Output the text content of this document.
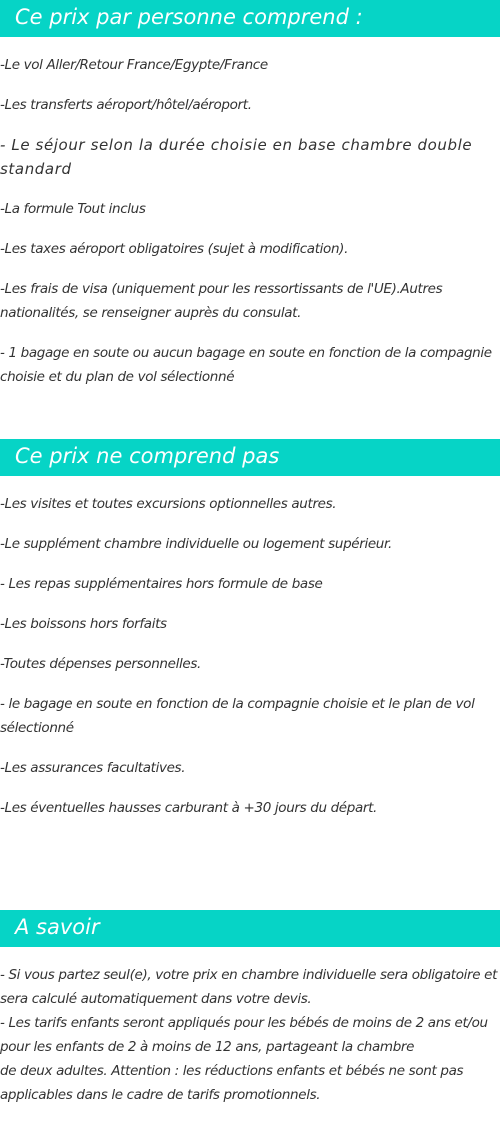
Ce prix par personne comprend :
-Le vol Aller/Retour France/Egypte/France
-Les transferts aéroport/hôtel/aéroport.
- Le séjour selon la durée choisie en base chambre double standard
-La formule Tout inclus
-Les taxes aéroport obligatoires (sujet à modification).
-Les frais de visa (uniquement pour les ressortissants de l'UE).Autres nationalités, se renseigner auprès du consulat.
- 1 bagage en soute ou aucun bagage en soute en fonction de la compagnie choisie et du plan de vol sélectionné
Ce prix ne comprend pas
-Les visites et toutes excursions optionnelles autres.
-Le supplément chambre individuelle ou logement supérieur.
- Les repas supplémentaires hors formule de base
-Les boissons hors forfaits
-Toutes dépenses personnelles.
- le bagage en soute en fonction de la compagnie choisie et le plan de vol sélectionné
-Les assurances facultatives.
-Les éventuelles hausses carburant à +30 jours du départ.
A savoir
- Si vous partez seul(e), votre prix en chambre individuelle sera obligatoire et sera calculé automatiquement dans votre devis.
- Les tarifs enfants seront appliqués pour les bébés de moins de 2 ans et/ou pour les enfants de 2 à moins de 12 ans, partageant la chambre
de deux adultes. Attention : les réductions enfants et bébés ne sont pas applicables dans le cadre de tarifs promotionnels.
